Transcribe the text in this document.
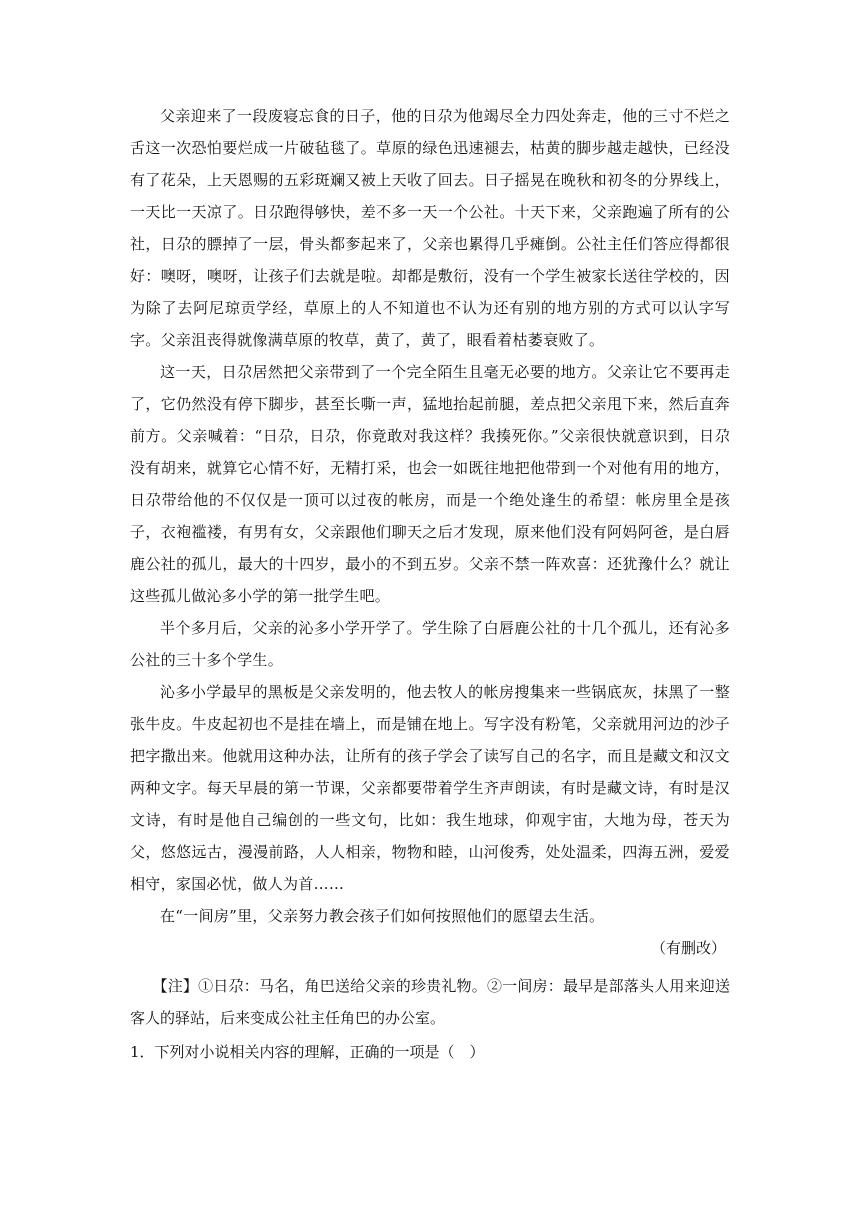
父亲迎来了一段废寝忘食的日子，他的日尕为他竭尽全力四处奔走，他的三寸不烂之舌这一次恐怕要烂成一片破毡毯了。草原的绿色迅速褪去，枯黄的脚步越走越快，已经没有了花朵，上天恩赐的五彩斑斓又被上天收了回去。日子摇晃在晚秋和初冬的分界线上，一天比一天凉了。日尕跑得够快，差不多一天一个公社。十天下来，父亲跑遍了所有的公社，日尕的膘掉了一层，骨头都奓起来了，父亲也累得几乎瘫倒。公社主任们答应得都很好：噢呀，噢呀，让孩子们去就是啦。却都是敷衍，没有一个学生被家长送往学校的，因为除了去阿尼琼贡学经，草原上的人不知道也不认为还有别的地方别的方式可以认字写字。父亲沮丧得就像满草原的牧草，黄了，黄了，眼看着枯萎衰败了。

这一天，日尕居然把父亲带到了一个完全陌生且毫无必要的地方。父亲让它不要再走了，它仍然没有停下脚步，甚至长嘶一声，猛地抬起前腿，差点把父亲甩下来，然后直奔前方。父亲喊着：“日尕，日尕，你竟敢对我这样？我揍死你。”父亲很快就意识到，日尕没有胡来，就算它心情不好，无精打采，也会一如既往地把他带到一个对他有用的地方，日尕带给他的不仅仅是一顶可以过夜的帐房，而是一个绝处逢生的希望：帐房里全是孩子，衣袍褴褛，有男有女，父亲跟他们聊天之后才发现，原来他们没有阿妈阿爸，是白唇鹿公社的孤儿，最大的十四岁，最小的不到五岁。父亲不禁一阵欢喜：还犹豫什么？就让这些孤儿做沁多小学的第一批学生吧。

半个多月后，父亲的沁多小学开学了。学生除了白唇鹿公社的十几个孤儿，还有沁多公社的三十多个学生。

沁多小学最早的黑板是父亲发明的，他去牧人的帐房搜集来一些锅底灰，抹黑了一整张牛皮。牛皮起初也不是挂在墙上，而是铺在地上。写字没有粉笔，父亲就用河边的沙子把字撒出来。他就用这种办法，让所有的孩子学会了读写自己的名字，而且是藏文和汉文两种文字。每天早晨的第一节课，父亲都要带着学生齐声朗读，有时是藏文诗，有时是汉文诗，有时是他自己编创的一些文句，比如：我生地球，仰观宇宙，大地为母，苍天为父，悠悠远古，漫漫前路，人人相亲，物物和睦，山河俊秀，处处温柔，四海五洲，爱爱相守，家国必忧，做人为首……

在“一间房”里，父亲努力教会孩子们如何按照他们的愿望去生活。

（有删改）

【注】①日尕：马名，角巴送给父亲的珍贵礼物。②一间房：最早是部落头人用来迎送客人的驿站，后来变成公社主任角巴的办公室。

1．下列对小说相关内容的理解，正确的一项是（　）
